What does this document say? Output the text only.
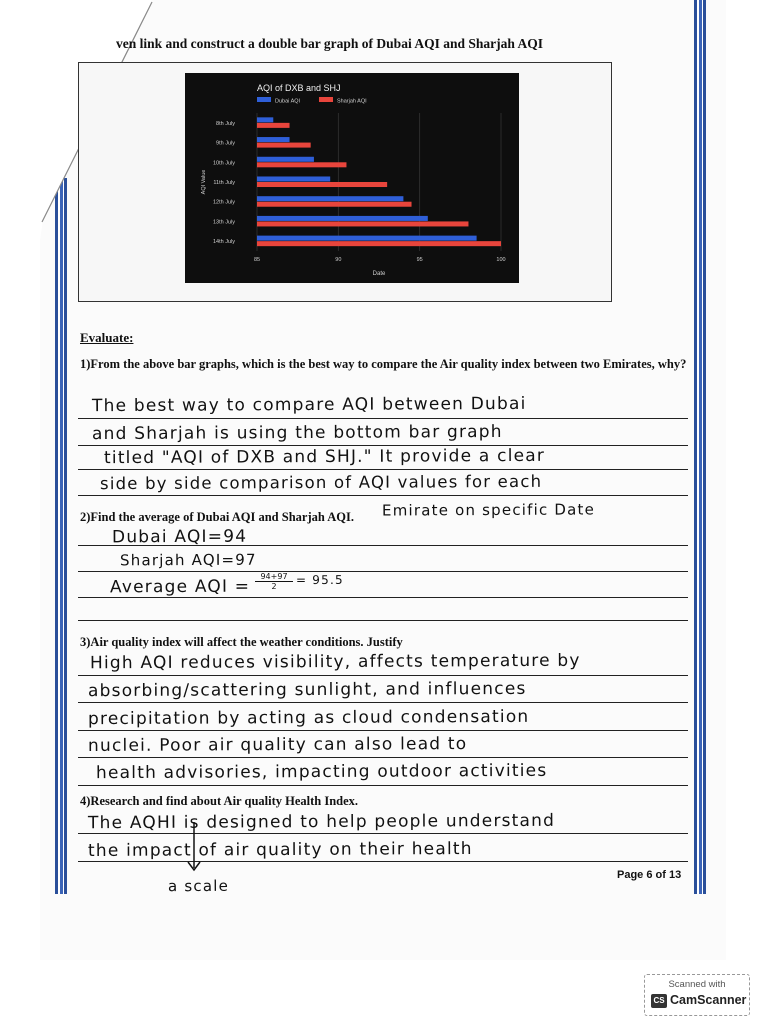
ven link and construct a double bar graph of Dubai AQI and Sharjah AQI
AQI of DXB and SHJ
Dubai AQI	Sharjah AQI
8th July
9th July
10th July
11th July
12th July
13th July
14th July
85	90	95	100
Date
AQI Value
Evaluate:
1)From the above bar graphs, which is the best way to compare the Air quality index between two Emirates, why?
2)Find the average of Dubai AQI and Sharjah AQI.
3)Air quality index will affect the weather conditions. Justify
4)Research and find about Air quality Health Index.
The best way to compare AQI between Dubai
and Sharjah is using the bottom bar graph
titled "AQI of DXB and SHJ." It provide a clear
side by side comparison of AQI values for each
Emirate on specific Date
Dubai AQI=94
Sharjah AQI=97
Average AQI = $\frac{94+97}{2} = 95.5$
High AQI reduces visibility, affects temperature by
absorbing/scattering sunlight, and influences
precipitation by acting as cloud condensation
nuclei. Poor air quality can also lead to
health advisories, impacting outdoor activities
The AQHI is designed to help people understand
the impact of air quality on their health
a scale
Page 6 of 13
Scanned with
CS CamScanner
